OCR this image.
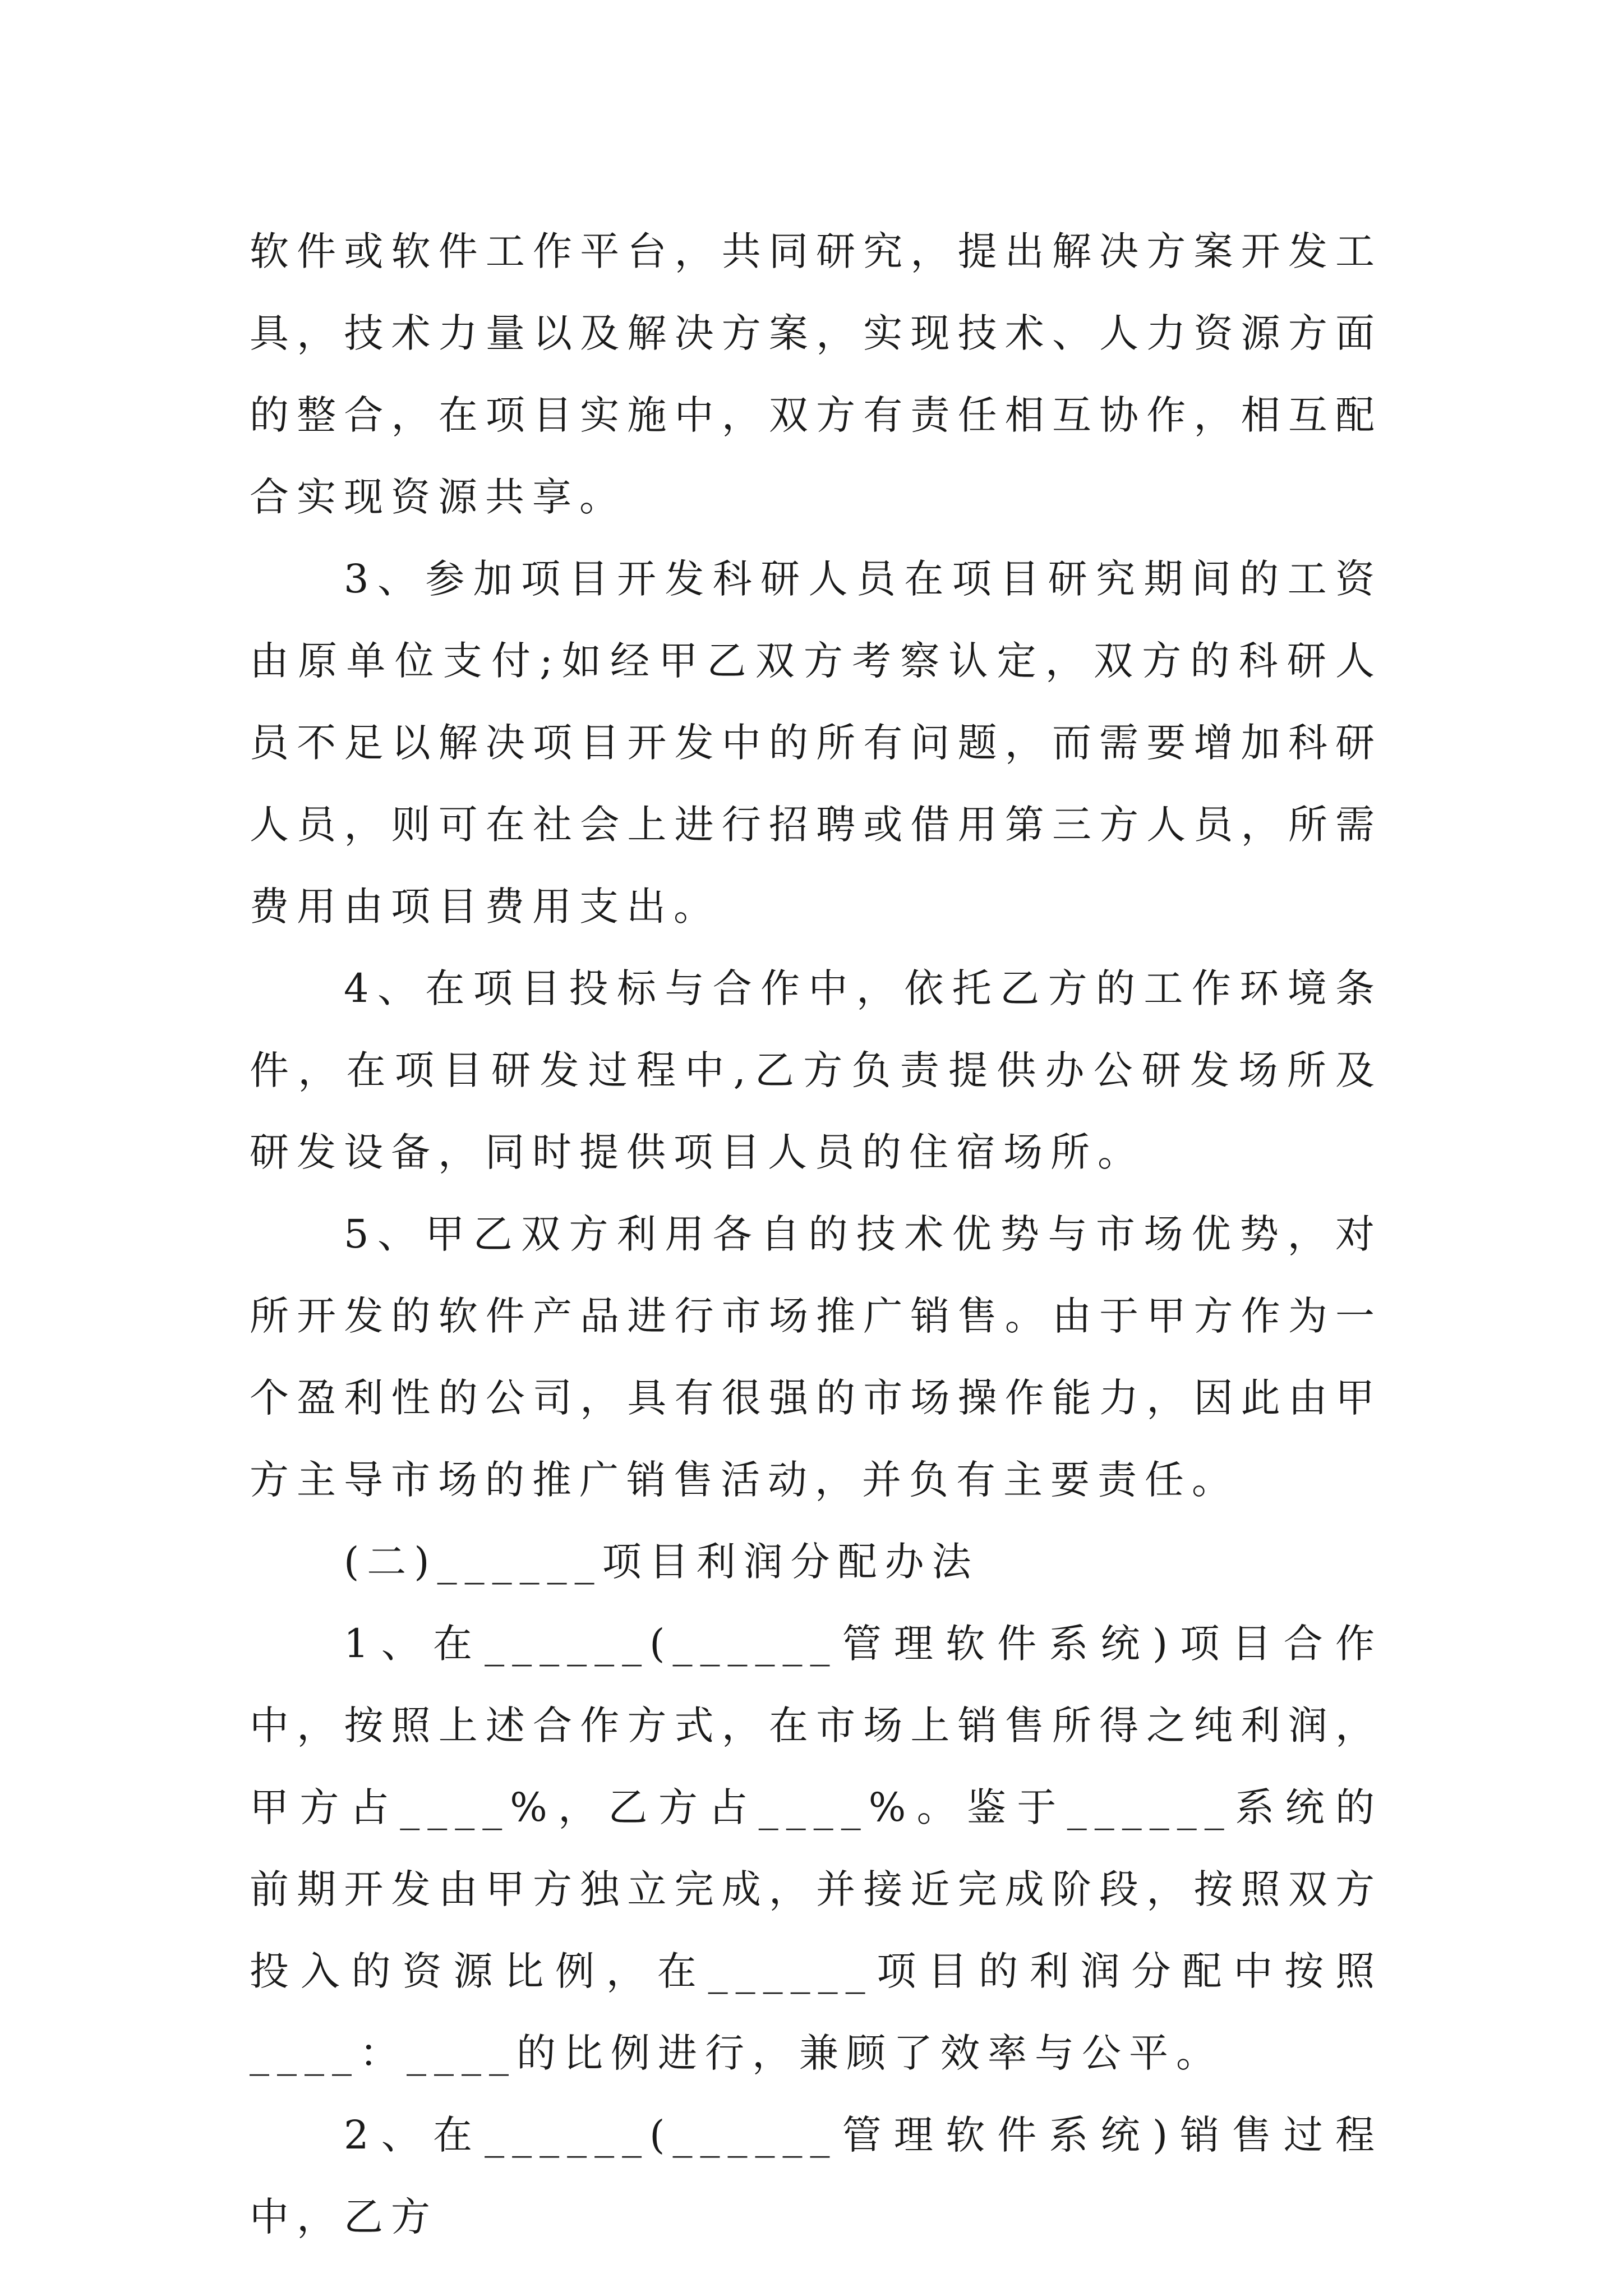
软件或软件工作平台，共同研究，提出解决方案开发工具，技术力量以及解决方案，实现技术、人力资源方面的整合，在项目实施中，双方有责任相互协作，相互配合实现资源共享。

3、参加项目开发科研人员在项目研究期间的工资由原单位支付;如经甲乙双方考察认定，双方的科研人员不足以解决项目开发中的所有问题，而需要增加科研人员，则可在社会上进行招聘或借用第三方人员，所需费用由项目费用支出。

4、在项目投标与合作中，依托乙方的工作环境条件，在项目研发过程中,乙方负责提供办公研发场所及研发设备，同时提供项目人员的住宿场所。

5、甲乙双方利用各自的技术优势与市场优势，对所开发的软件产品进行市场推广销售。由于甲方作为一个盈利性的公司，具有很强的市场操作能力，因此由甲方主导市场的推广销售活动，并负有主要责任。

(二)______项目利润分配办法

1、在______(______管理软件系统)项目合作中，按照上述合作方式，在市场上销售所得之纯利润，甲方占____%，乙方占____%。鉴于______系统的前期开发由甲方独立完成，并接近完成阶段，按照双方投入的资源比例，在______项目的利润分配中按照____：____的比例进行，兼顾了效率与公平。

2、在______(______管理软件系统)销售过程中，乙方
